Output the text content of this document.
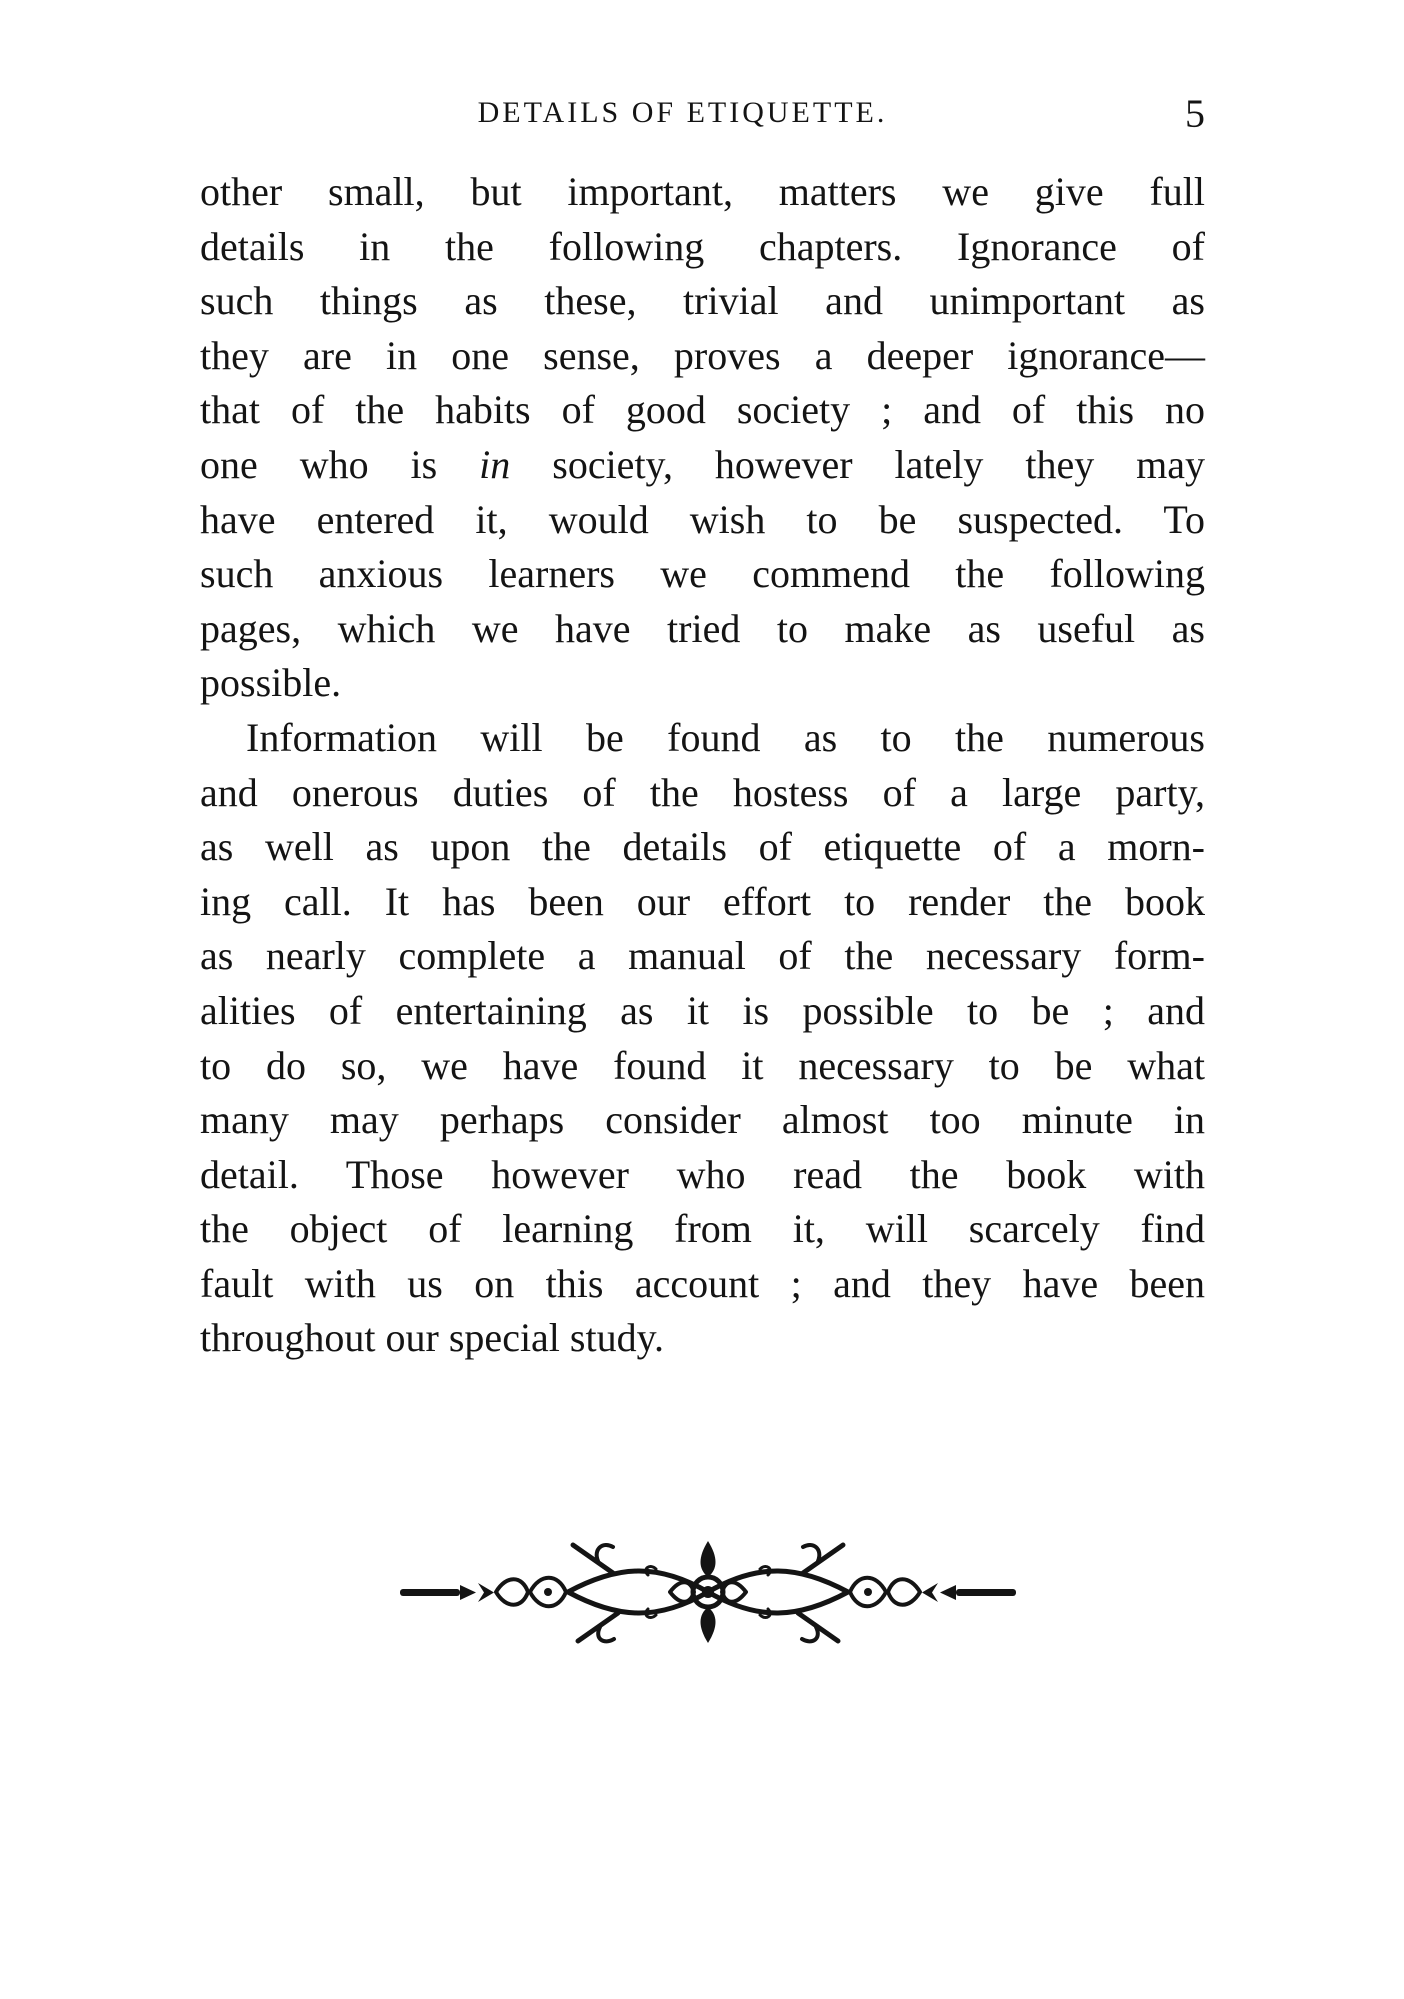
DETAILS OF ETIQUETTE.	5
other small, but important, matters we give full
details in the following chapters. Ignorance of
such things as these, trivial and unimportant as
they are in one sense, proves a deeper ignorance—
that of the habits of good society ; and of this no
one who is in society, however lately they may
have entered it, would wish to be suspected. To
such anxious learners we commend the following
pages, which we have tried to make as useful as
possible.
Information will be found as to the numerous
and onerous duties of the hostess of a large party,
as well as upon the details of etiquette of a morn-
ing call. It has been our effort to render the book
as nearly complete a manual of the necessary form-
alities of entertaining as it is possible to be ; and
to do so, we have found it necessary to be what
many may perhaps consider almost too minute in
detail. Those however who read the book with
the object of learning from it, will scarcely find
fault with us on this account ; and they have been
throughout our special study.
